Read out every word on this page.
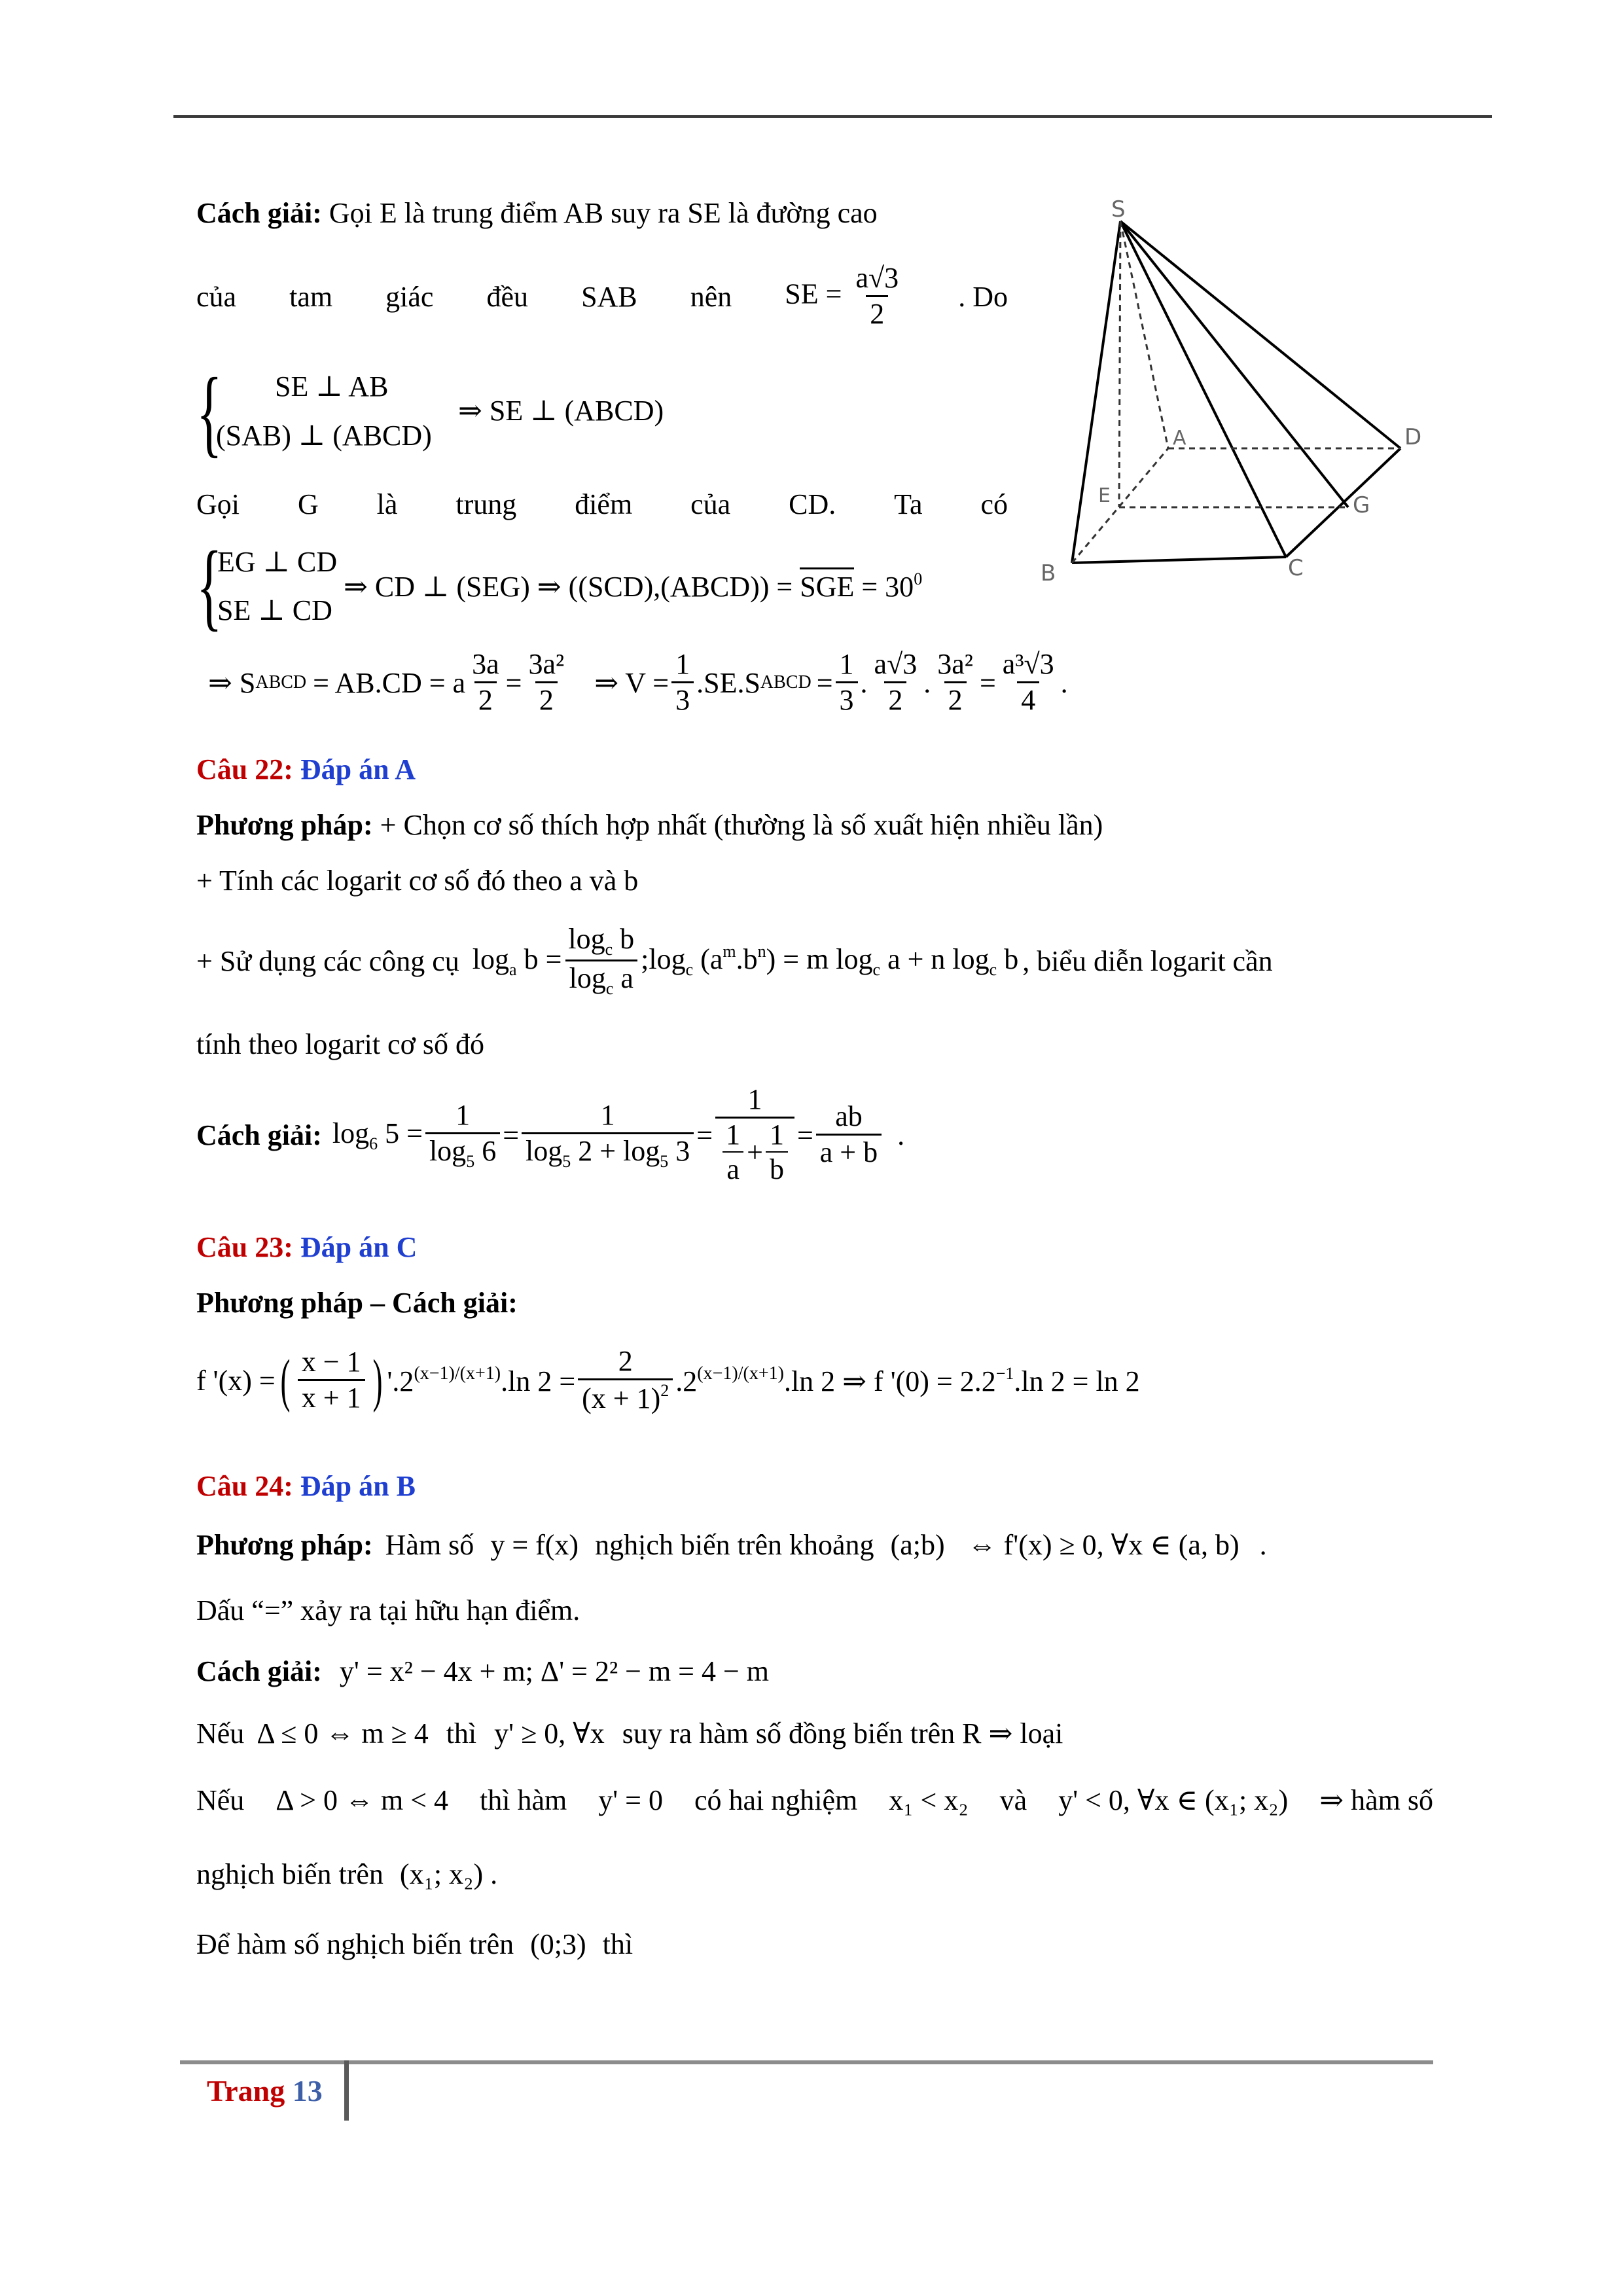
Cách giải: Gọi E là trung điểm AB suy ra SE là đường cao
của tam giác đều SAB nên SE = $\frac{a√3}{2}$ . Do
{ SE ⊥ AB
(SAB) ⊥ (ABCD)
⇒ SE ⊥ (ABCD)
Gọi G là trung điểm của CD. Ta có
{
EG ⊥ CD
SE ⊥ CD
⇒ CD ⊥ (SEG) ⇒ ((SCD),(ABCD)) = SGE = $30^0$
⇒ S ABCD = AB.CD = a $\frac{3a}{2} = \frac{\text{3a²}}{2}$ ⇒ $V = \frac{1}{3} .SE.S$ ABCD = $\frac{1}{3}$ . $\frac{a√3}{2}$ . $\frac{\text{3a²}}{2} = \frac{\text{a³√3}}{4}$ .
S
A	D
E	G
B	C
Câu 22: Đáp án A
Phương pháp: + Chọn cơ số thích hợp nhất (thường là số xuất hiện nhiều lần)
+ Tính các logarit cơ số đó theo a và b
+ Sử dụng các công cụ $\log_a b = \frac{\log_c b}{\log_c a}$ $;\log_c$ $(a^m.b^n) = m$ $\log_c a + n$ $\log_c b$ , biểu diễn logarit cần
tính theo logarit cơ số đó
Cách giải: $\log_6 5 = \frac{1}{\log_5 6} = \frac{1}{\log_5 2 + \log_5 3} = \frac{1}{\frac{1}{a} + \frac{1}{b}} = \frac{ab}{a + b}$ .
Câu 23: Đáp án C
Phương pháp – Cách giải:
f '(x) = ( $\frac{x - 1}{x + 1}$ ) '$.2^{(x-1)/(x+1)}.\ln$ $2 = \frac{2}{(x + 1)^2} .2^{(x-1)/(x+1)}.\ln$ 2 ⇒ f '$(0) = 2.2^{-1}.\ln$ 2 = ln 2
Câu 24: Đáp án B
Phương pháp: Hàm số y = f(x) nghịch biến trên khoảng (a;b) ⇔ f'(x) ≥ 0, ∀x ∈ (a, b) .
Dấu “=” xảy ra tại hữu hạn điểm.
Cách giải: y' = x² − 4x + m; Δ' = 2² − m = 4 − m
Nếu Δ ≤ 0 ⇔ m ≥ 4 thì y' ≥ 0, ∀x suy ra hàm số đồng biến trên R ⇒ loại
Nếu Δ > 0 ⇔ m < 4 thì hàm y' = 0 có hai nghiệm x₁ < x₂ và y' < 0, ∀x ∈ (x₁; x₂) ⇒ hàm số
nghịch biến trên (x₁; x₂) .
Để hàm số nghịch biến trên (0;3) thì
Trang 13
